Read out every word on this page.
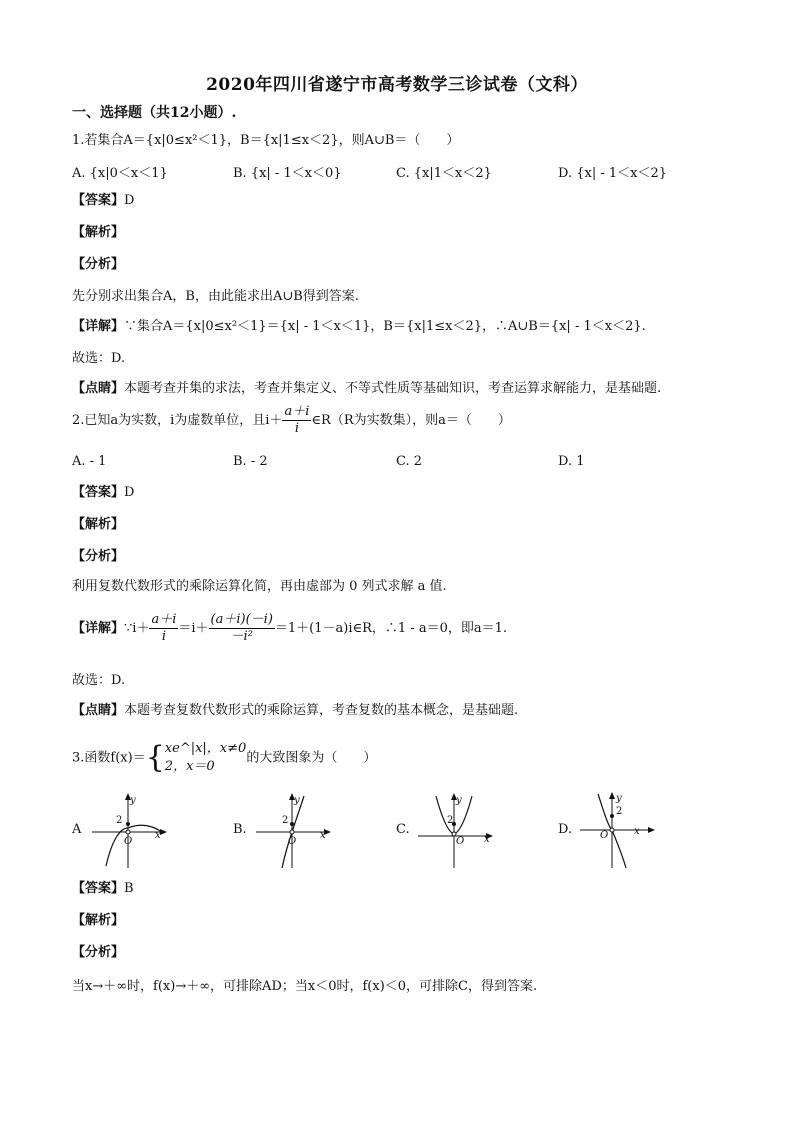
2020年四川省遂宁市高考数学三诊试卷（文科）
一、选择题（共12小题）.
1.若集合A＝{x|0≤x²＜1}，B＝{x|1≤x＜2}，则A∪B＝（　　）
A. {x|0＜x＜1}	B. {x| - 1＜x＜0}	C. {x|1＜x＜2}	D. {x| - 1＜x＜2}
【答案】D
【解析】
【分析】
先分别求出集合A，B，由此能求出A∪B得到答案.
【详解】∵集合A＝{x|0≤x²＜1}＝{x| - 1＜x＜1}，B＝{x|1≤x＜2}，∴A∪B＝{x| - 1＜x＜2}.
故选：D.
【点睛】本题考查并集的求法，考查并集定义、不等式性质等基础知识，考查运算求解能力，是基础题.
2.已知a为实数，i为虚数单位，且$i+ \frac{a+i}{i}$ ∈R（R为实数集），则a＝（　　）
A. - 1	B. - 2	C. 2	D. 1
【答案】D
【解析】
【分析】
利用复数代数形式的乘除运算化简，再由虚部为 0 列式求解 a 值.
【详解】∵i＋ $\frac{a+i}{i} =i+ \frac{(a+i)(-i)}{\text{－i²}}$ ＝1＋(1－a)i∈R，∴1 - a＝0，即a＝1.
故选：D.
【点睛】本题考查复数代数形式的乘除运算，考查复数的基本概念，是基础题.
3.函数f(x)＝{ xe^|x|，x≠0
2，x＝0
的大致图象为（　　）
A
y
x
2
O
B.
y
x
2
O
C.
y
x
2
O
D.
y
x
2
O
【答案】B
【解析】
【分析】
当x→＋∞时，f(x)→＋∞，可排除AD；当x＜0时，f(x)＜0，可排除C，得到答案.
